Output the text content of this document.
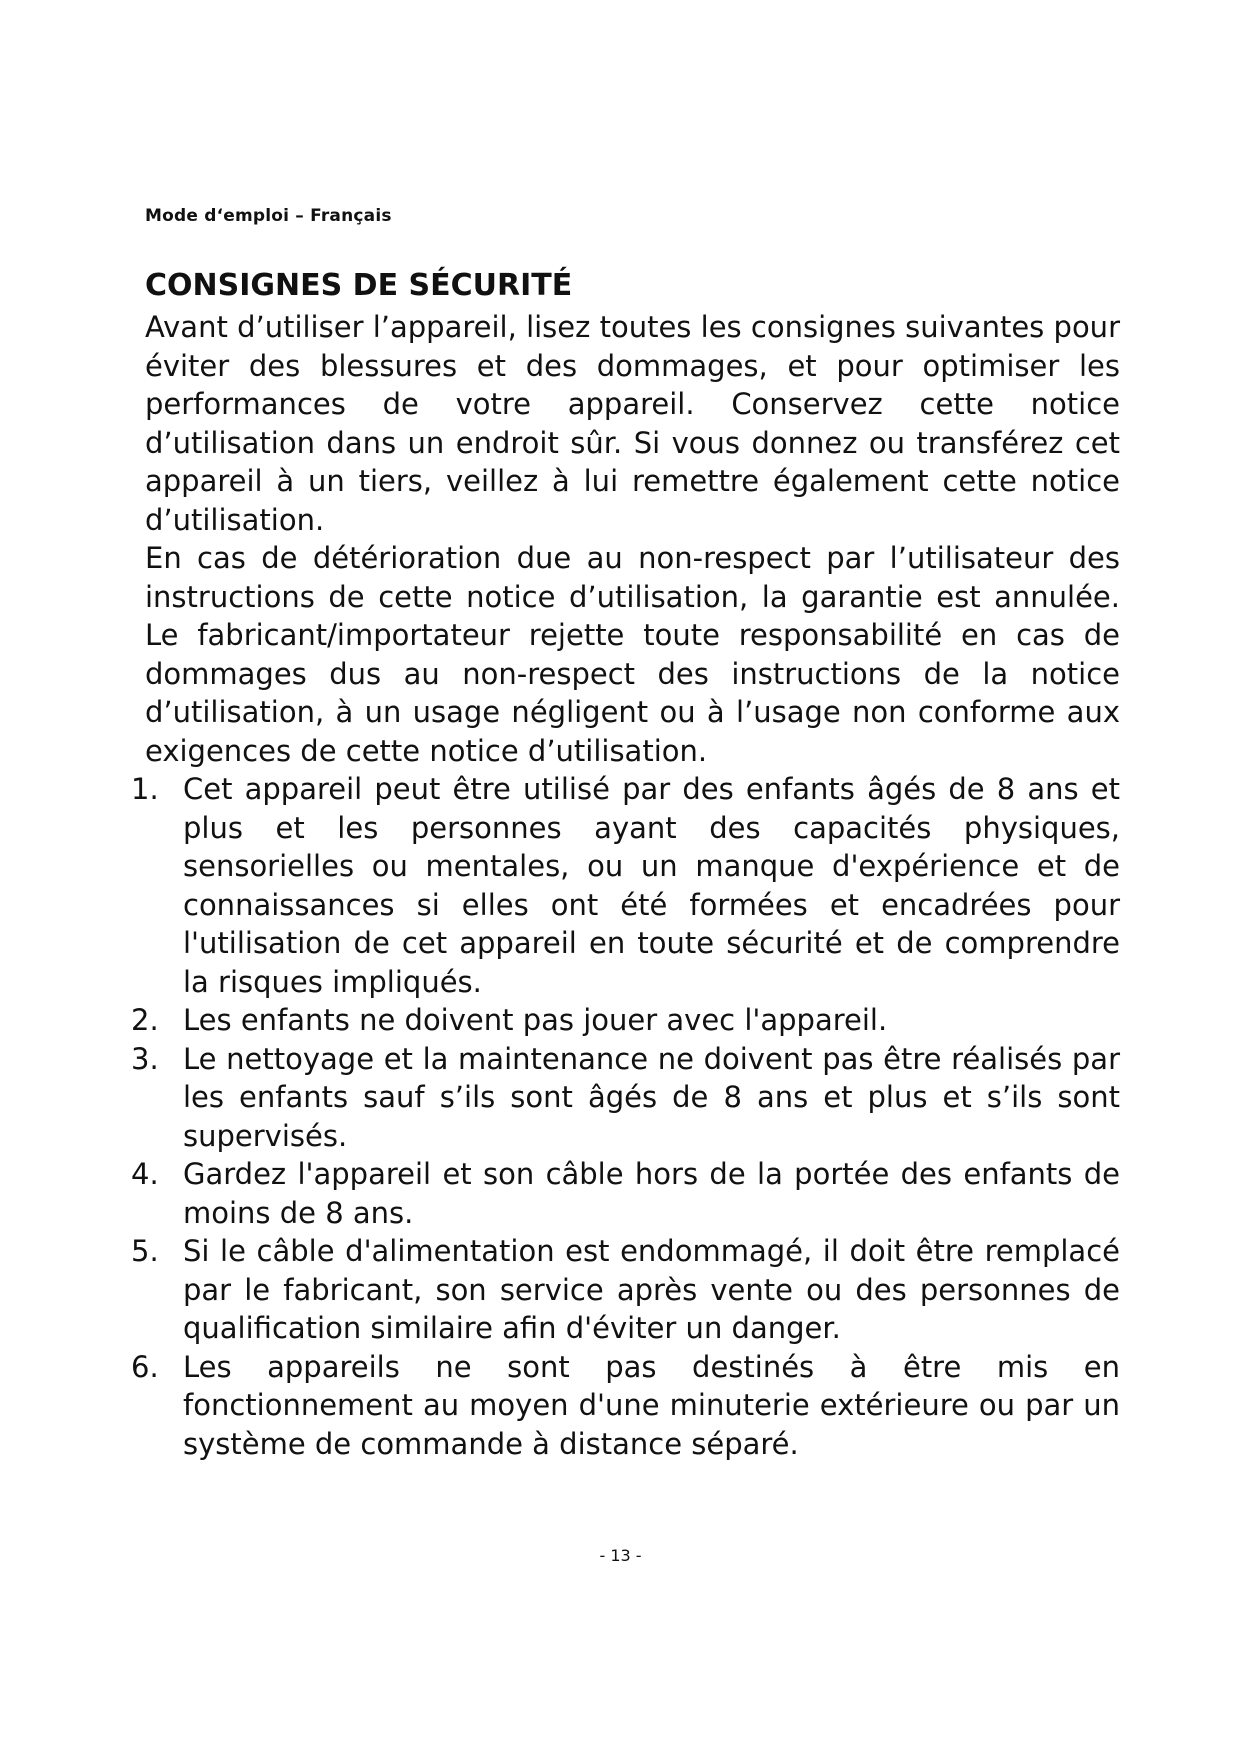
Mode d‘emploi – Français
CONSIGNES DE SÉCURITÉ

Avant d’utiliser l’appareil, lisez toutes les consignes suivantes pour éviter des blessures et des dommages, et pour optimiser les performances de votre appareil. Conservez cette notice d’utilisation dans un endroit sûr. Si vous donnez ou transférez cet appareil à un tiers, veillez à lui remettre également cette notice d’utilisation.

En cas de détérioration due au non-respect par l’utilisateur des instructions de cette notice d’utilisation, la garantie est annulée. Le fabricant/importateur rejette toute responsabilité en cas de dommages dus au non-respect des instructions de la notice d’utilisation, à un usage négligent ou à l’usage non conforme aux exigences de cette notice d’utilisation.

1. Cet appareil peut être utilisé par des enfants âgés de 8 ans et plus et les personnes ayant des capacités physiques, sensorielles ou mentales, ou un manque d'expérience et de connaissances si elles ont été formées et encadrées pour l'utilisation de cet appareil en toute sécurité et de comprendre la risques impliqués.
2. Les enfants ne doivent pas jouer avec l'appareil.
3. Le nettoyage et la maintenance ne doivent pas être réalisés par les enfants sauf s’ils sont âgés de 8 ans et plus et s’ils sont supervisés.
4. Gardez l'appareil et son câble hors de la portée des enfants de moins de 8 ans.
5. Si le câble d'alimentation est endommagé, il doit être remplacé par le fabricant, son service après vente ou des personnes de qualification similaire afin d'éviter un danger.
6. Les appareils ne sont pas destinés à être mis en fonctionnement au moyen d'une minuterie extérieure ou par un système de commande à distance séparé.
- 13 -
